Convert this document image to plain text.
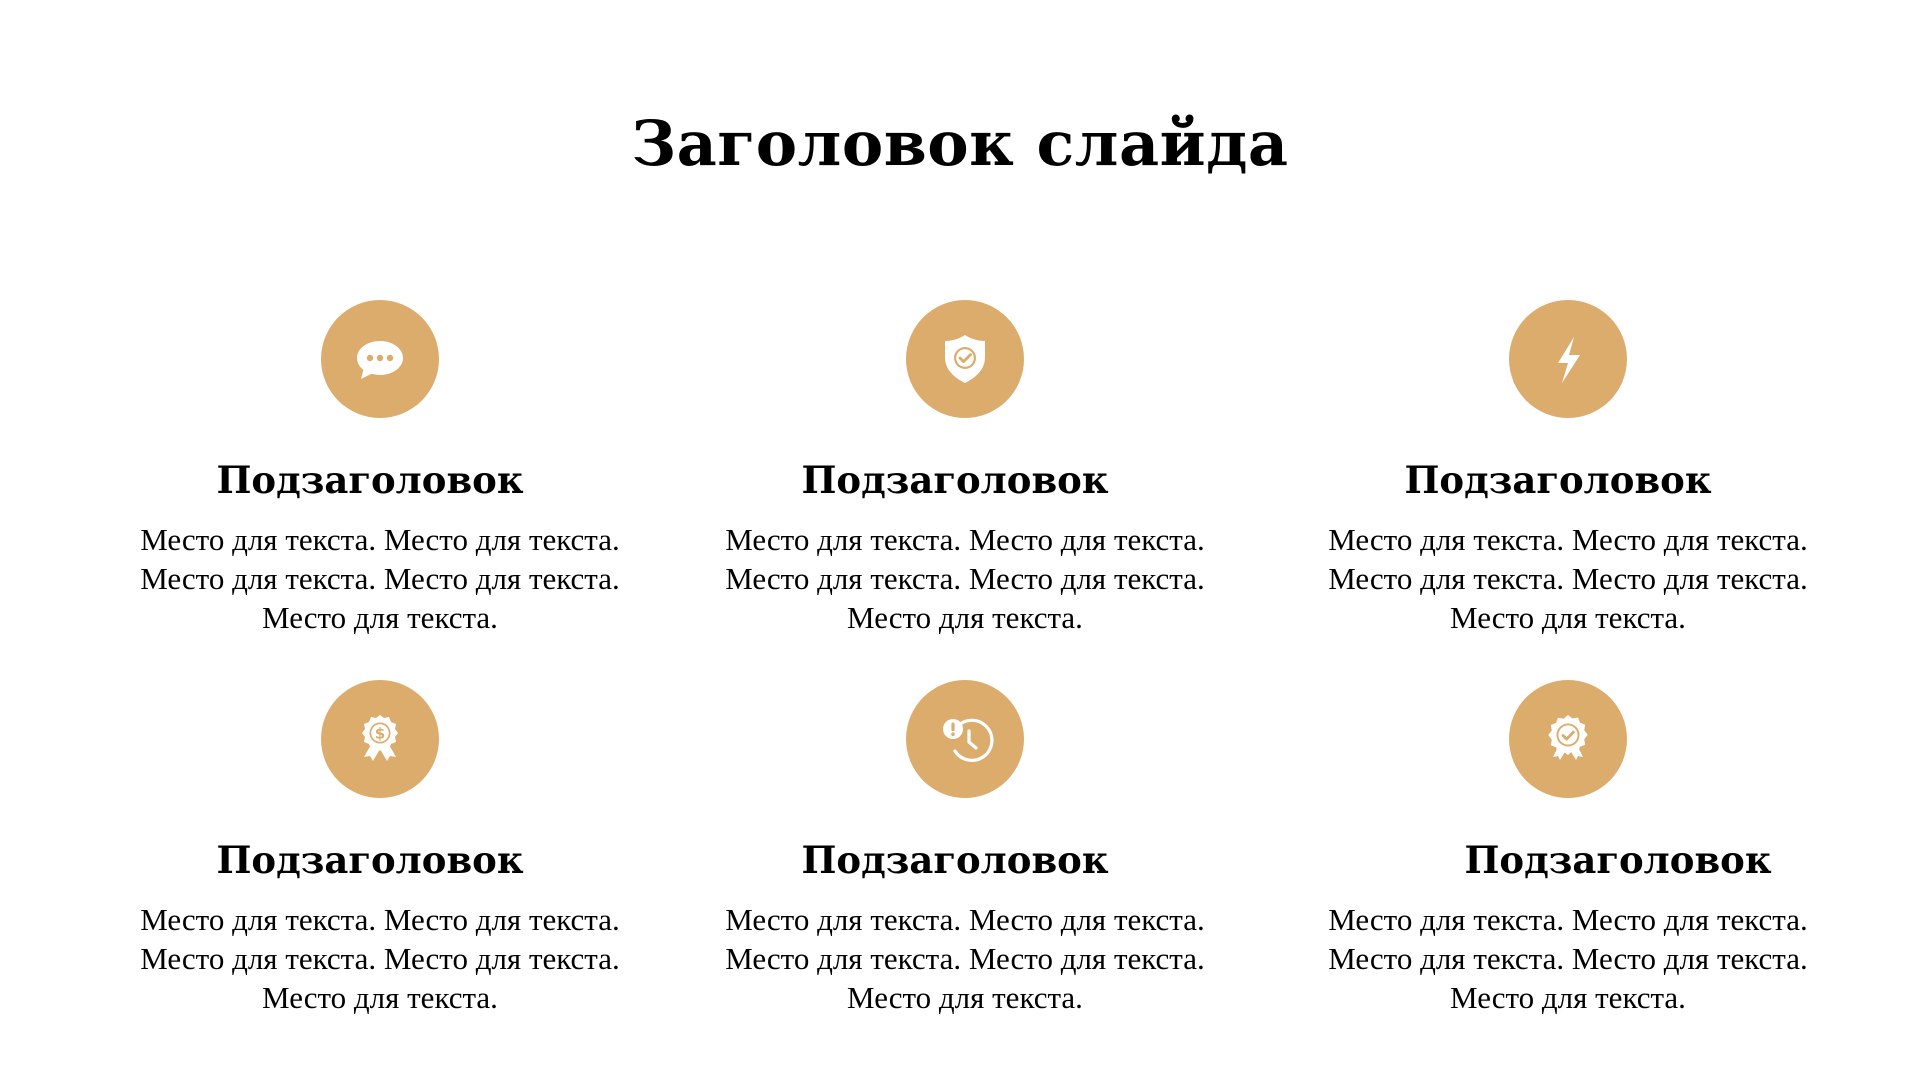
Заголовок слайда
Подзаголовок
Место для текста. Место для текста. Место для текста. Место для текста. Место для текста.
Подзаголовок
Место для текста. Место для текста. Место для текста. Место для текста. Место для текста.
Подзаголовок
Место для текста. Место для текста. Место для текста. Место для текста. Место для текста.
$
Подзаголовок
Место для текста. Место для текста. Место для текста. Место для текста. Место для текста.
Подзаголовок
Место для текста. Место для текста. Место для текста. Место для текста. Место для текста.
Подзаголовок
Место для текста. Место для текста. Место для текста. Место для текста. Место для текста.
